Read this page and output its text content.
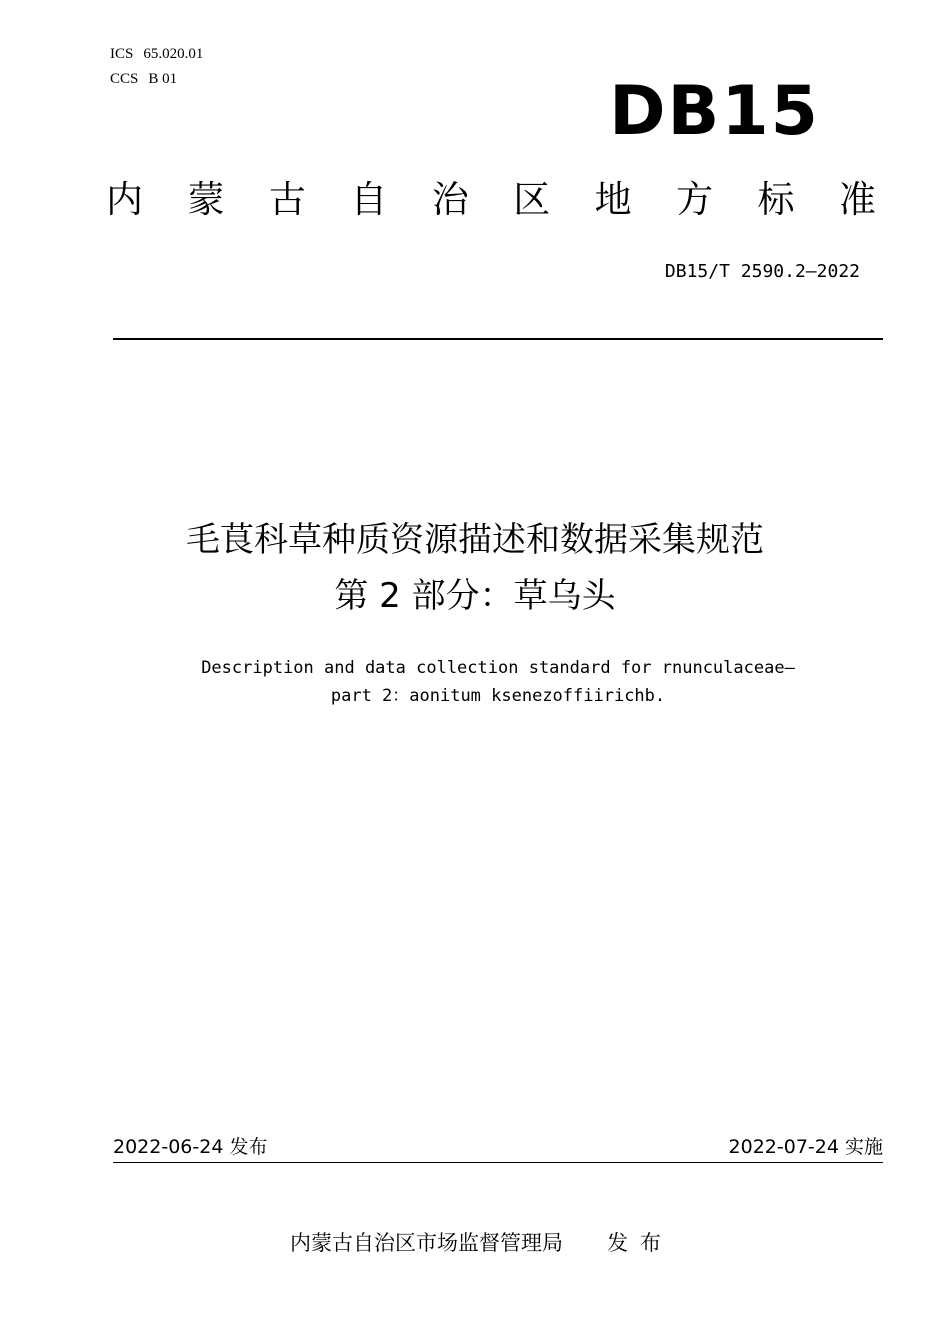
ICS 65.020.01
CCS B 01	DB15
内 蒙 古 自 治 区 地 方 标 准
DB15/T 2590.2—2022
毛茛科草种质资源描述和数据采集规范
第 2 部分：草乌头
Description and data collection standard for rnunculaceae—
part 2：aonitum ksenezoffiirichb.
2022-06-24 发布	2022-07-24 实施
内蒙古自治区市场监督管理局 发布
